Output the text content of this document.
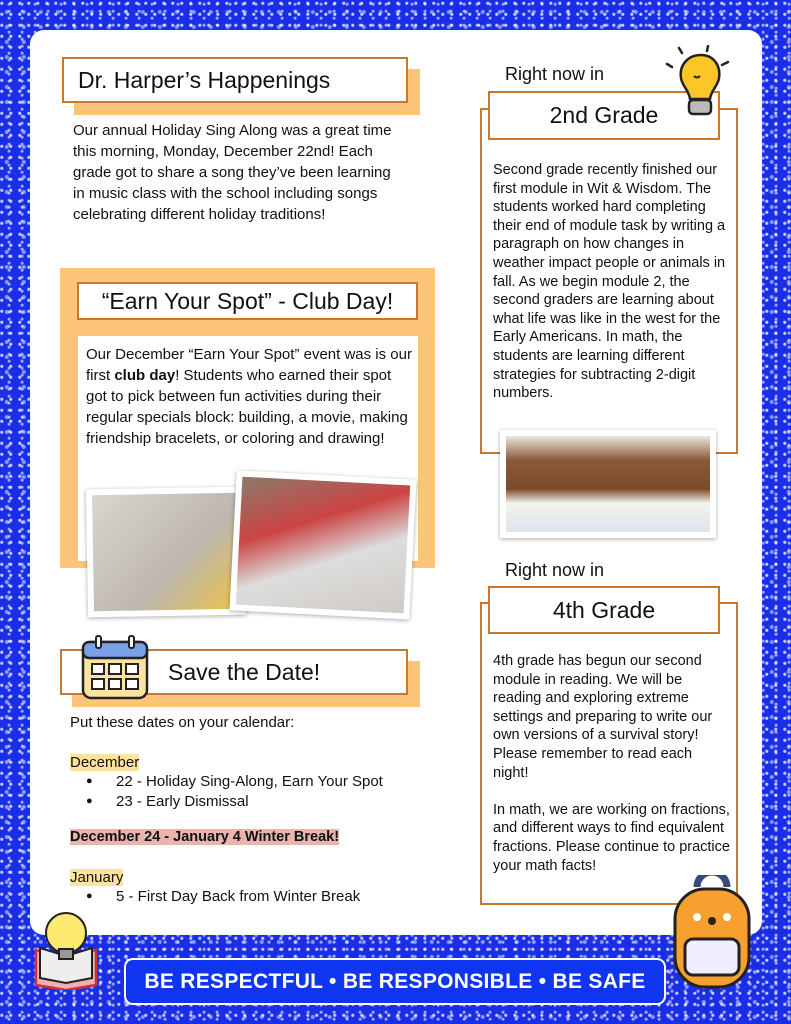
Dr. Harper’s Happenings

Our annual Holiday Sing Along was a great time this morning, Monday, December 22nd! Each grade got to share a song they’ve been learning in music class with the school including songs celebrating different holiday traditions!

“Earn Your Spot” - Club Day!

Our December “Earn Your Spot” event was is our first club day! Students who earned their spot got to pick between fun activities during their regular specials block: building, a movie, making friendship bracelets, or coloring and drawing!

Save the Date!

Put these dates on your calendar:

December

● 22 - Holiday Sing-Along, Earn Your Spot
● 23 - Early Dismissal

December 24 - January 4 Winter Break!

January

● 5 - First Day Back from Winter Break
Right now in
2nd Grade

Second grade recently finished our first module in Wit & Wisdom. The students worked hard completing their end of module task by writing a paragraph on how changes in weather impact people or animals in fall. As we begin module 2, the second graders are learning about what life was like in the west for the Early Americans. In math, the students are learning different strategies for subtracting 2-digit numbers.

Right now in
4th Grade

4th grade has begun our second module in reading. We will be reading and exploring extreme settings and preparing to write our own versions of a survival story! Please remember to read each night!

In math, we are working on fractions, and different ways to find equivalent fractions. Please continue to practice your math facts!

BE RESPECTFUL • BE RESPONSIBLE • BE SAFE
